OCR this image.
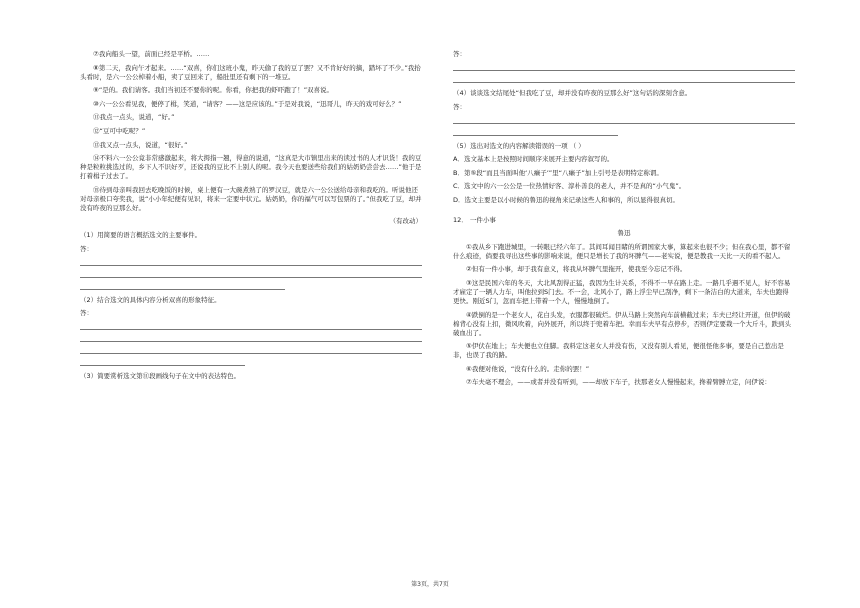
⑦我向船头一望，前面已经是平桥。……

⑧第二天，我向午才起来。……“双喜，你们这班小鬼，昨天偷了我的豆了罢？又不肯好好的摘，踏坏了不少。”我抬头看时，是六一公公棹着小船，卖了豆回来了，船肚里还有剩下的一堆豆。

⑨“是的。我们请客。我们当初还不要你的呢。你看，你把我的虾吓跑了！”双喜说。

⑩六一公公看见我，便停了楫，笑道，“请客？——这是应该的。”于是对我说，“迅哥儿，昨天的戏可好么？”

⑪我点一点头，说道，“好。”

⑫“豆可中吃呢？”

⑬我又点一点头，说道，“很好。”

⑭不料六一公公竟非常感激起来，将大拇指一翘，得意的说道，“这真是大市镇里出来的读过书的人才识货！我的豆种是粒粒挑选过的，乡下人不识好歹，还说我的豆比不上别人的呢。我今天也要送些给我们的姑奶奶尝尝去……”他于是打着楫子过去了。

⑮待到母亲叫我回去吃晚饭的时候，桌上便有一大碗煮熟了的罗汉豆，就是六一公公送给母亲和我吃的。听说他还对母亲极口夸奖我，说“小小年纪便有见识，将来一定要中状元。姑奶奶，你的福气可以写包票的了。”但我吃了豆，却并没有昨夜的豆那么好。

（有改动）

（1）用简要的语言概括选文的主要事件。

答：

（2）结合选文的具体内容分析双喜的形象特征。

答：

（3）简要赏析选文第⑪段画线句子在文中的表达特色。

答：

（4）谈谈选文结尾处“但我吃了豆，却并没有昨夜的豆那么好”这句话的深刻含意。

答：

（5）选出对选文的内容解读错误的一项 （ ）

A．选文基本上是按照时间顺序来展开主要内容叙写的。

B．第⑤段“而且当面叫他‘八癞子’”里“八癞子”加上引号是表明特定称谓。

C．选文中的六一公公是一位热情好客、淳朴善良的老人，并不是真的“小气鬼”。

D．选文主要是以小时候的鲁迅的视角来记录这些人和事的，所以显得很真切。

12． 一件小事

鲁迅

①我从乡下跑进城里，一转眼已经六年了。其间耳闻目睹的所谓国家大事，算起来也很不少；但在我心里，都不留什么痕迹，倘要我寻出这些事的影响来说，便只是增长了我的坏脾气——老实说，便是教我一天比一天的看不起人。

②但有一件小事，却于我有意义，将我从坏脾气里拖开，使我至今忘记不得。

③这是民国六年的冬天，大北风刮得正猛，我因为生计关系，不得不一早在路上走。一路几乎遇不见人，好不容易才雇定了一辆人力车，叫他拉到S门去。不一会，北风小了，路上浮尘早已刮净，剩下一条洁白的大道来，车夫也跑得更快。刚近S门，忽而车把上带着一个人，慢慢地倒了。

④跌倒的是一个老女人，花白头发，衣服都很破烂。伊从马路上突然向车前横截过来；车夫已经让开道，但伊的破棉背心没有上扣，微风吹着，向外展开，所以终于兜着车把。幸而车夫早有点停步，否则伊定要栽一个大斤斗，跌到头破血出了。

⑤伊伏在地上；车夫便也立住脚。我料定这老女人并没有伤，又没有别人看见，便很怪他多事，要是自己惹出是非，也误了我的路。

⑥我便对他说，“没有什么的。走你的罢！”

⑦车夫毫不理会，——或者并没有听到，——却放下车子，扶那老女人慢慢起来，搀着臂膊立定，问伊说：

第3页，共7页
